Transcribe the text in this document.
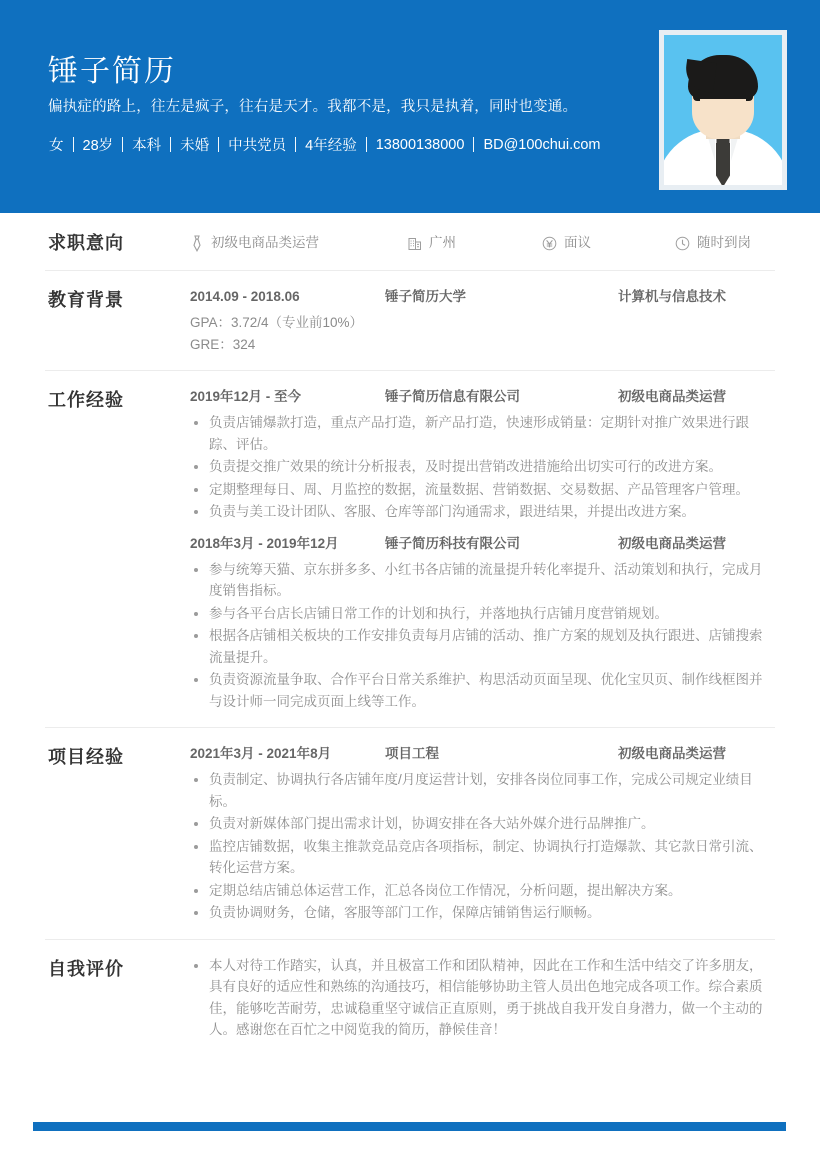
锤子简历
偏执症的路上，往左是疯子，往右是天才。我都不是，我只是执着，同时也变通。
女 28岁 本科 未婚 中共党员 4年经验 13800138000 BD@100chui.com
求职意向	初级电商品类运营	广州	面议	随时到岗
教育背景	2014.09 - 2018.06	锤子简历大学	计算机与信息技术
GPA：3.72/4（专业前10%）
GRE：324
工作经验	2019年12月 - 至今	锤子简历信息有限公司	初级电商品类运营
负责店铺爆款打造，重点产品打造，新产品打造，快速形成销量：定期针对推广效果进行跟踪、评估。
负责提交推广效果的统计分析报表，及时提出营销改进措施给出切实可行的改进方案。
定期整理每日、周、月监控的数据，流量数据、营销数据、交易数据、产品管理客户管理。
负责与美工设计团队、客服、仓库等部门沟通需求，跟进结果，并提出改进方案。
2018年3月 - 2019年12月	锤子简历科技有限公司	初级电商品类运营
参与统筹天猫、京东拼多多、小红书各店铺的流量提升转化率提升、活动策划和执行，完成月度销售指标。
参与各平台店长店铺日常工作的计划和执行，并落地执行店铺月度营销规划。
根据各店铺相关板块的工作安排负责每月店铺的活动、推广方案的规划及执行跟进、店铺搜索流量提升。
负责资源流量争取、合作平台日常关系维护、构思活动页面呈现、优化宝贝页、制作线框图并与设计师一同完成页面上线等工作。
项目经验	2021年3月 - 2021年8月	项目工程	初级电商品类运营
负责制定、协调执行各店铺年度/月度运营计划，安排各岗位同事工作，完成公司规定业绩目标。
负责对新媒体部门提出需求计划，协调安排在各大站外媒介进行品牌推广。
监控店铺数据，收集主推款竞品竞店各项指标，制定、协调执行打造爆款、其它款日常引流、转化运营方案。
定期总结店铺总体运营工作，汇总各岗位工作情况，分析问题，提出解决方案。
负责协调财务，仓储，客服等部门工作，保障店铺销售运行顺畅。
自我评价	本人对待工作踏实，认真，并且极富工作和团队精神，因此在工作和生活中结交了许多朋友，具有良好的适应性和熟练的沟通技巧，相信能够协助主管人员出色地完成各项工作。综合素质佳，能够吃苦耐劳，忠诚稳重坚守诚信正直原则，勇于挑战自我开发自身潜力，做一个主动的人。感谢您在百忙之中阅览我的简历，静候佳音！
